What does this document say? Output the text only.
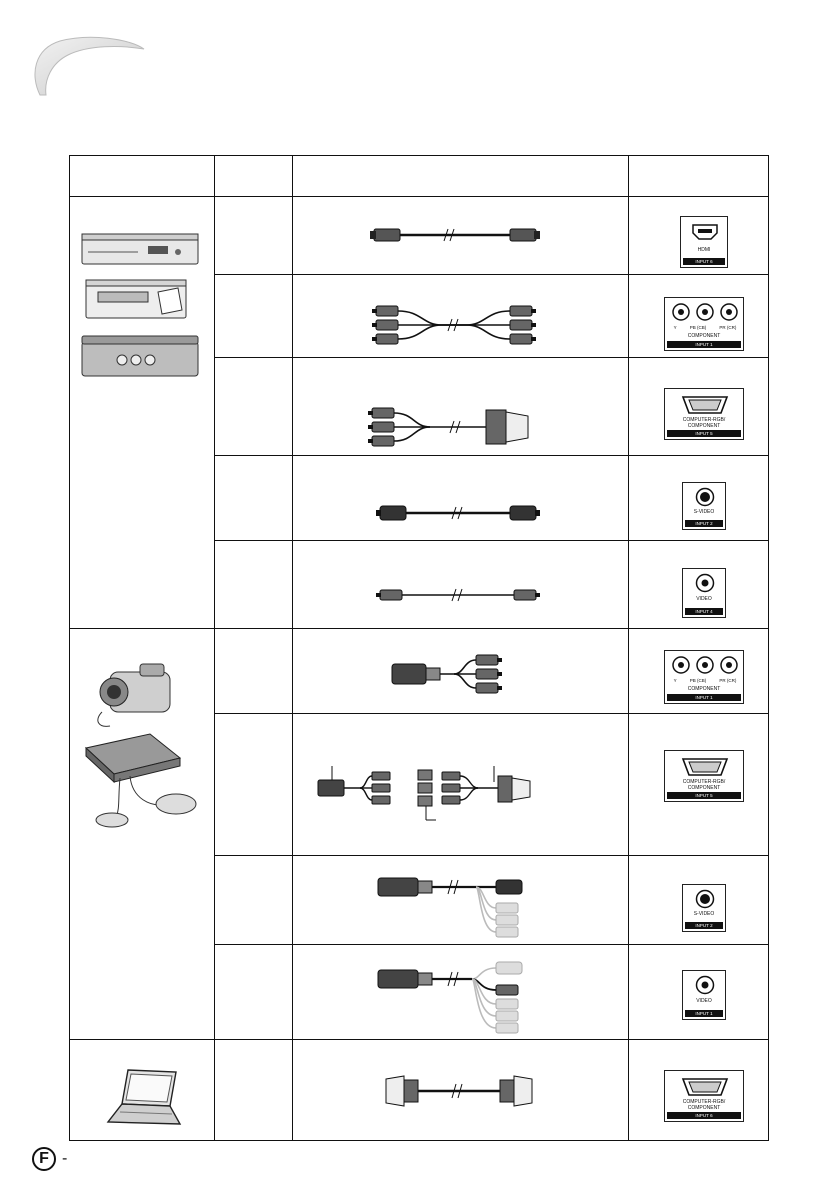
HDMI
INPUT 6
Y	PB (CB)	PR (CR)
COMPONENT
INPUT 1
COMPUTER-RGB/
COMPONENT
INPUT 5
S-VIDEO
INPUT 2
VIDEO
INPUT 4
Y	PB (CB)	PR (CR)
COMPONENT
INPUT 1
COMPUTER-RGB/
COMPONENT
INPUT 5
S-VIDEO
INPUT 2
VIDEO
INPUT 1
COMPUTER-RGB/
COMPONENT
INPUT 6
F -
